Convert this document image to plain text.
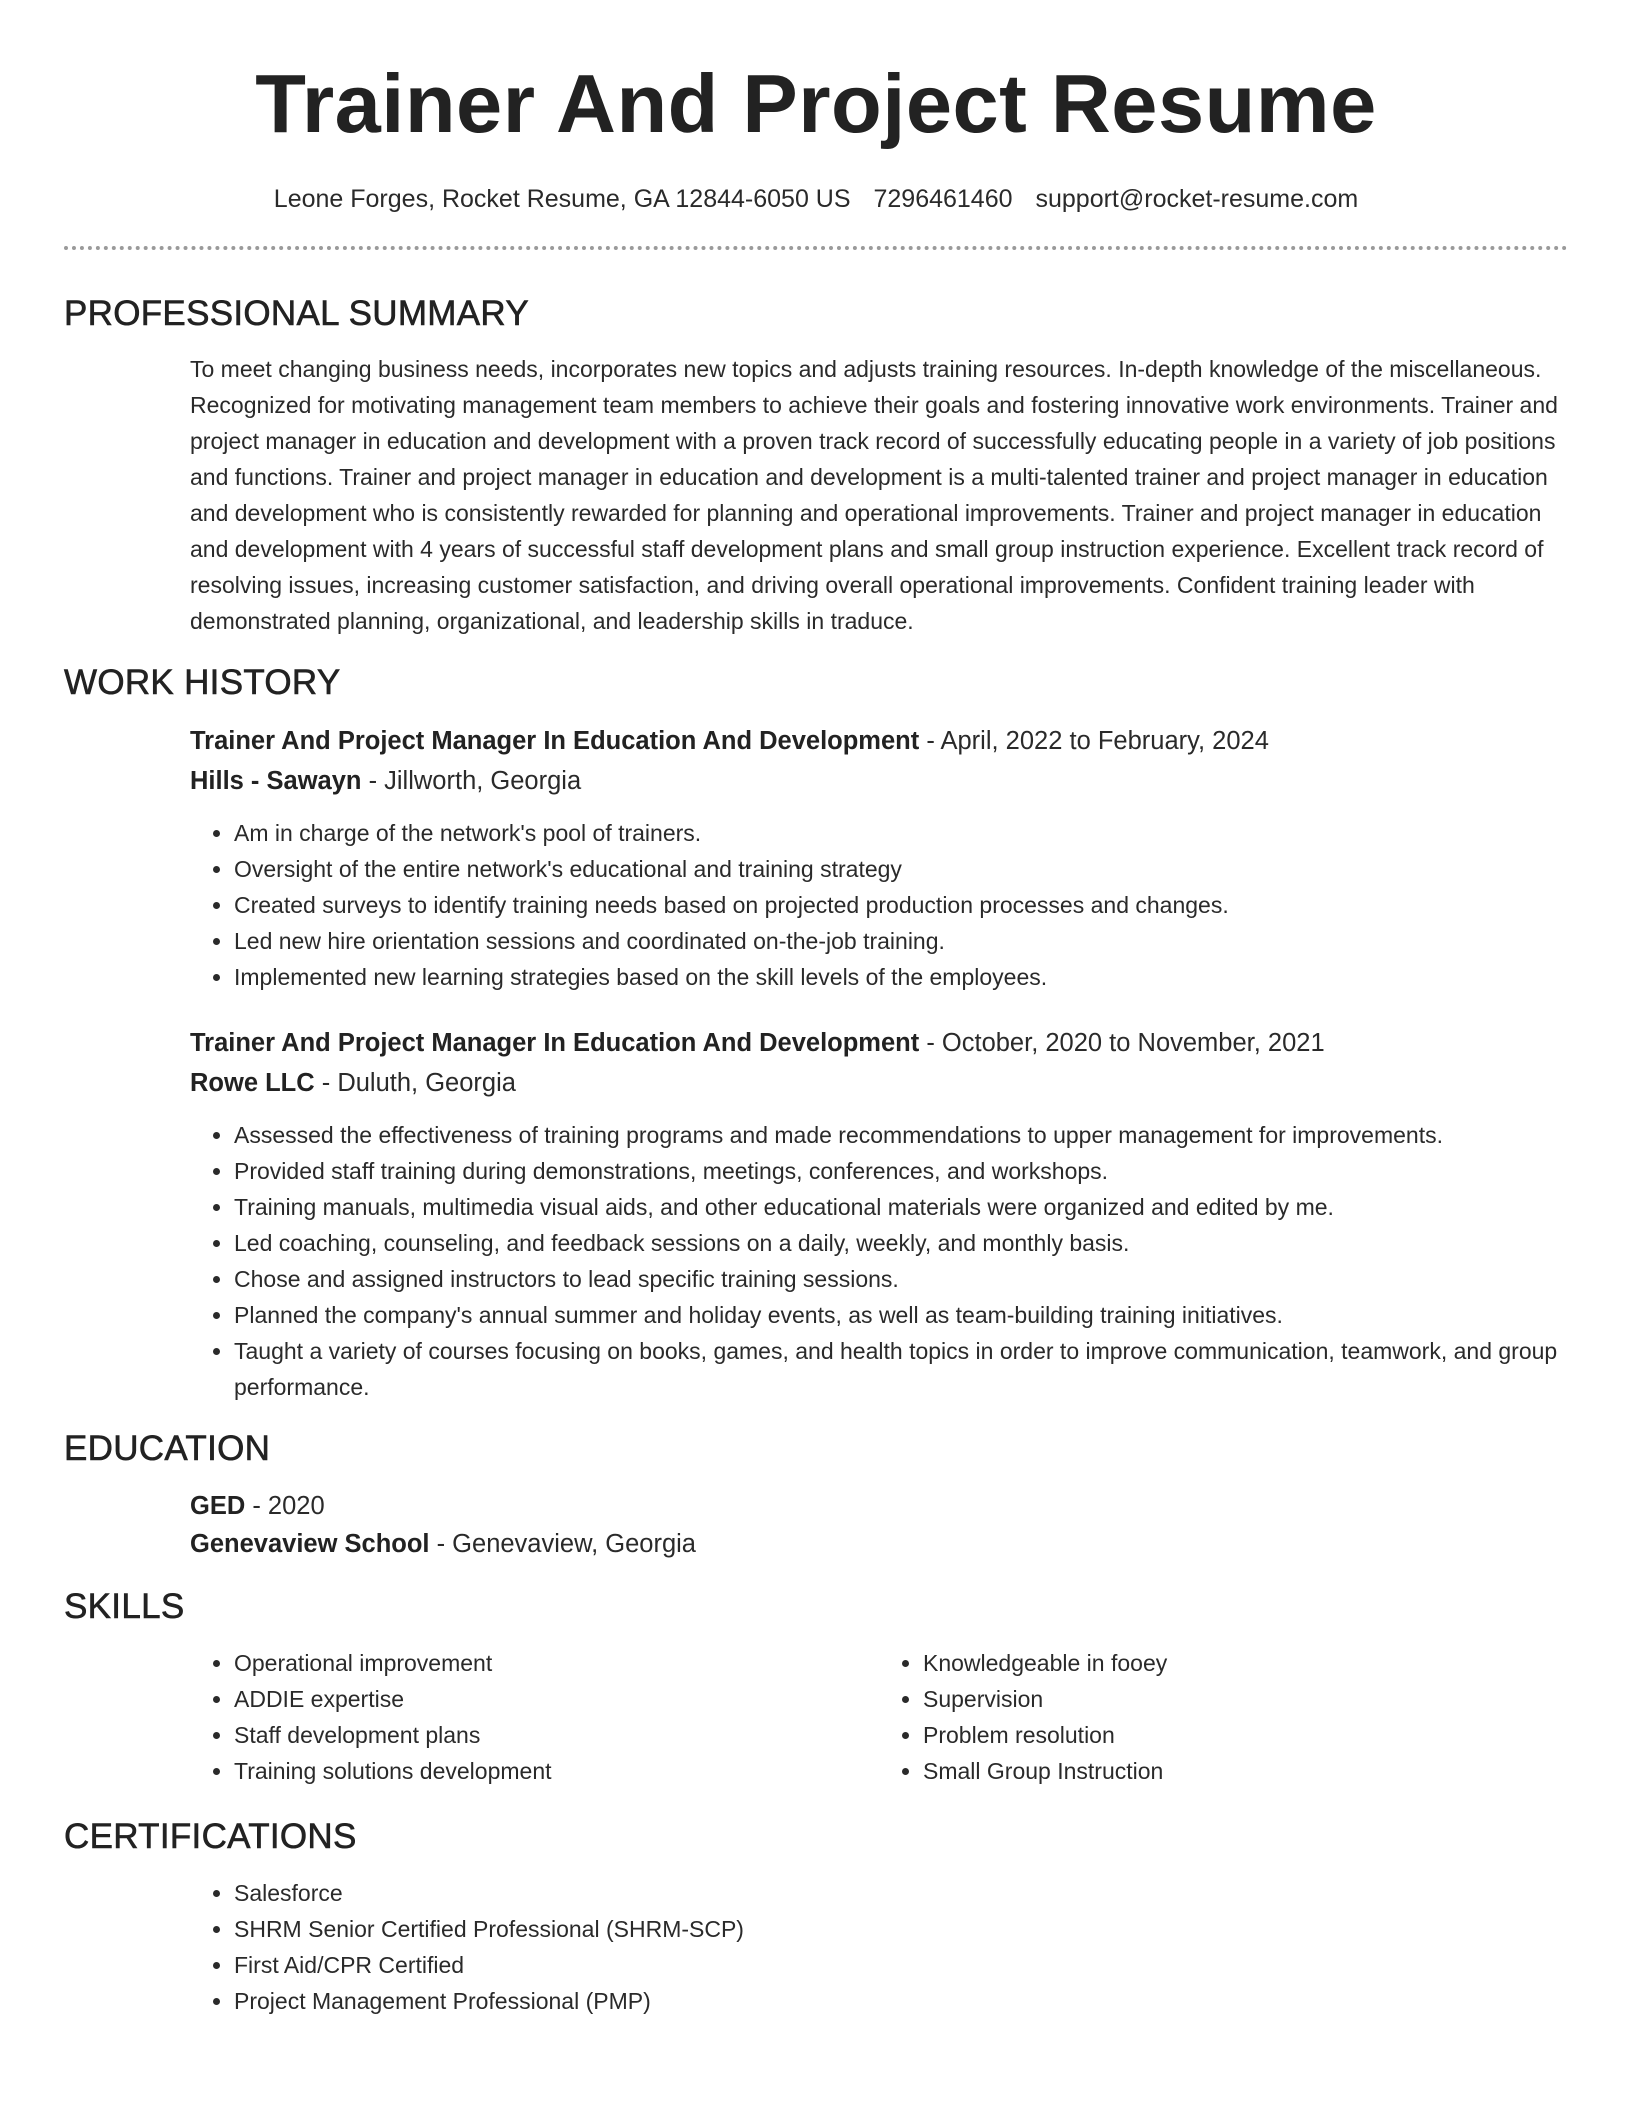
Trainer And Project Resume
Leone Forges, Rocket Resume, GA 12844-6050 US 7296461460 support@rocket-resume.com
PROFESSIONAL SUMMARY

To meet changing business needs, incorporates new topics and adjusts training resources. In-depth knowledge of the miscellaneous. Recognized for motivating management team members to achieve their goals and fostering innovative work environments. Trainer and project manager in education and development with a proven track record of successfully educating people in a variety of job positions and functions. Trainer and project manager in education and development is a multi-talented trainer and project manager in education and development who is consistently rewarded for planning and operational improvements. Trainer and project manager in education and development with 4 years of successful staff development plans and small group instruction experience. Excellent track record of resolving issues, increasing customer satisfaction, and driving overall operational improvements. Confident training leader with demonstrated planning, organizational, and leadership skills in traduce.

WORK HISTORY
Trainer And Project Manager In Education And Development - April, 2022 to February, 2024
Hills - Sawayn - Jillworth, Georgia
• Am in charge of the network's pool of trainers.
• Oversight of the entire network's educational and training strategy
• Created surveys to identify training needs based on projected production processes and changes.
• Led new hire orientation sessions and coordinated on-the-job training.
• Implemented new learning strategies based on the skill levels of the employees.
Trainer And Project Manager In Education And Development - October, 2020 to November, 2021
Rowe LLC - Duluth, Georgia
• Assessed the effectiveness of training programs and made recommendations to upper management for improvements.
• Provided staff training during demonstrations, meetings, conferences, and workshops.
• Training manuals, multimedia visual aids, and other educational materials were organized and edited by me.
• Led coaching, counseling, and feedback sessions on a daily, weekly, and monthly basis.
• Chose and assigned instructors to lead specific training sessions.
• Planned the company's annual summer and holiday events, as well as team-building training initiatives.
• Taught a variety of courses focusing on books, games, and health topics in order to improve communication, teamwork, and group performance.
EDUCATION
GED - 2020
Genevaview School - Genevaview, Georgia
SKILLS
• Operational improvement
• ADDIE expertise
• Staff development plans
• Training solutions development
• Knowledgeable in fooey
• Supervision
• Problem resolution
• Small Group Instruction
CERTIFICATIONS
• Salesforce
• SHRM Senior Certified Professional (SHRM-SCP)
• First Aid/CPR Certified
• Project Management Professional (PMP)
